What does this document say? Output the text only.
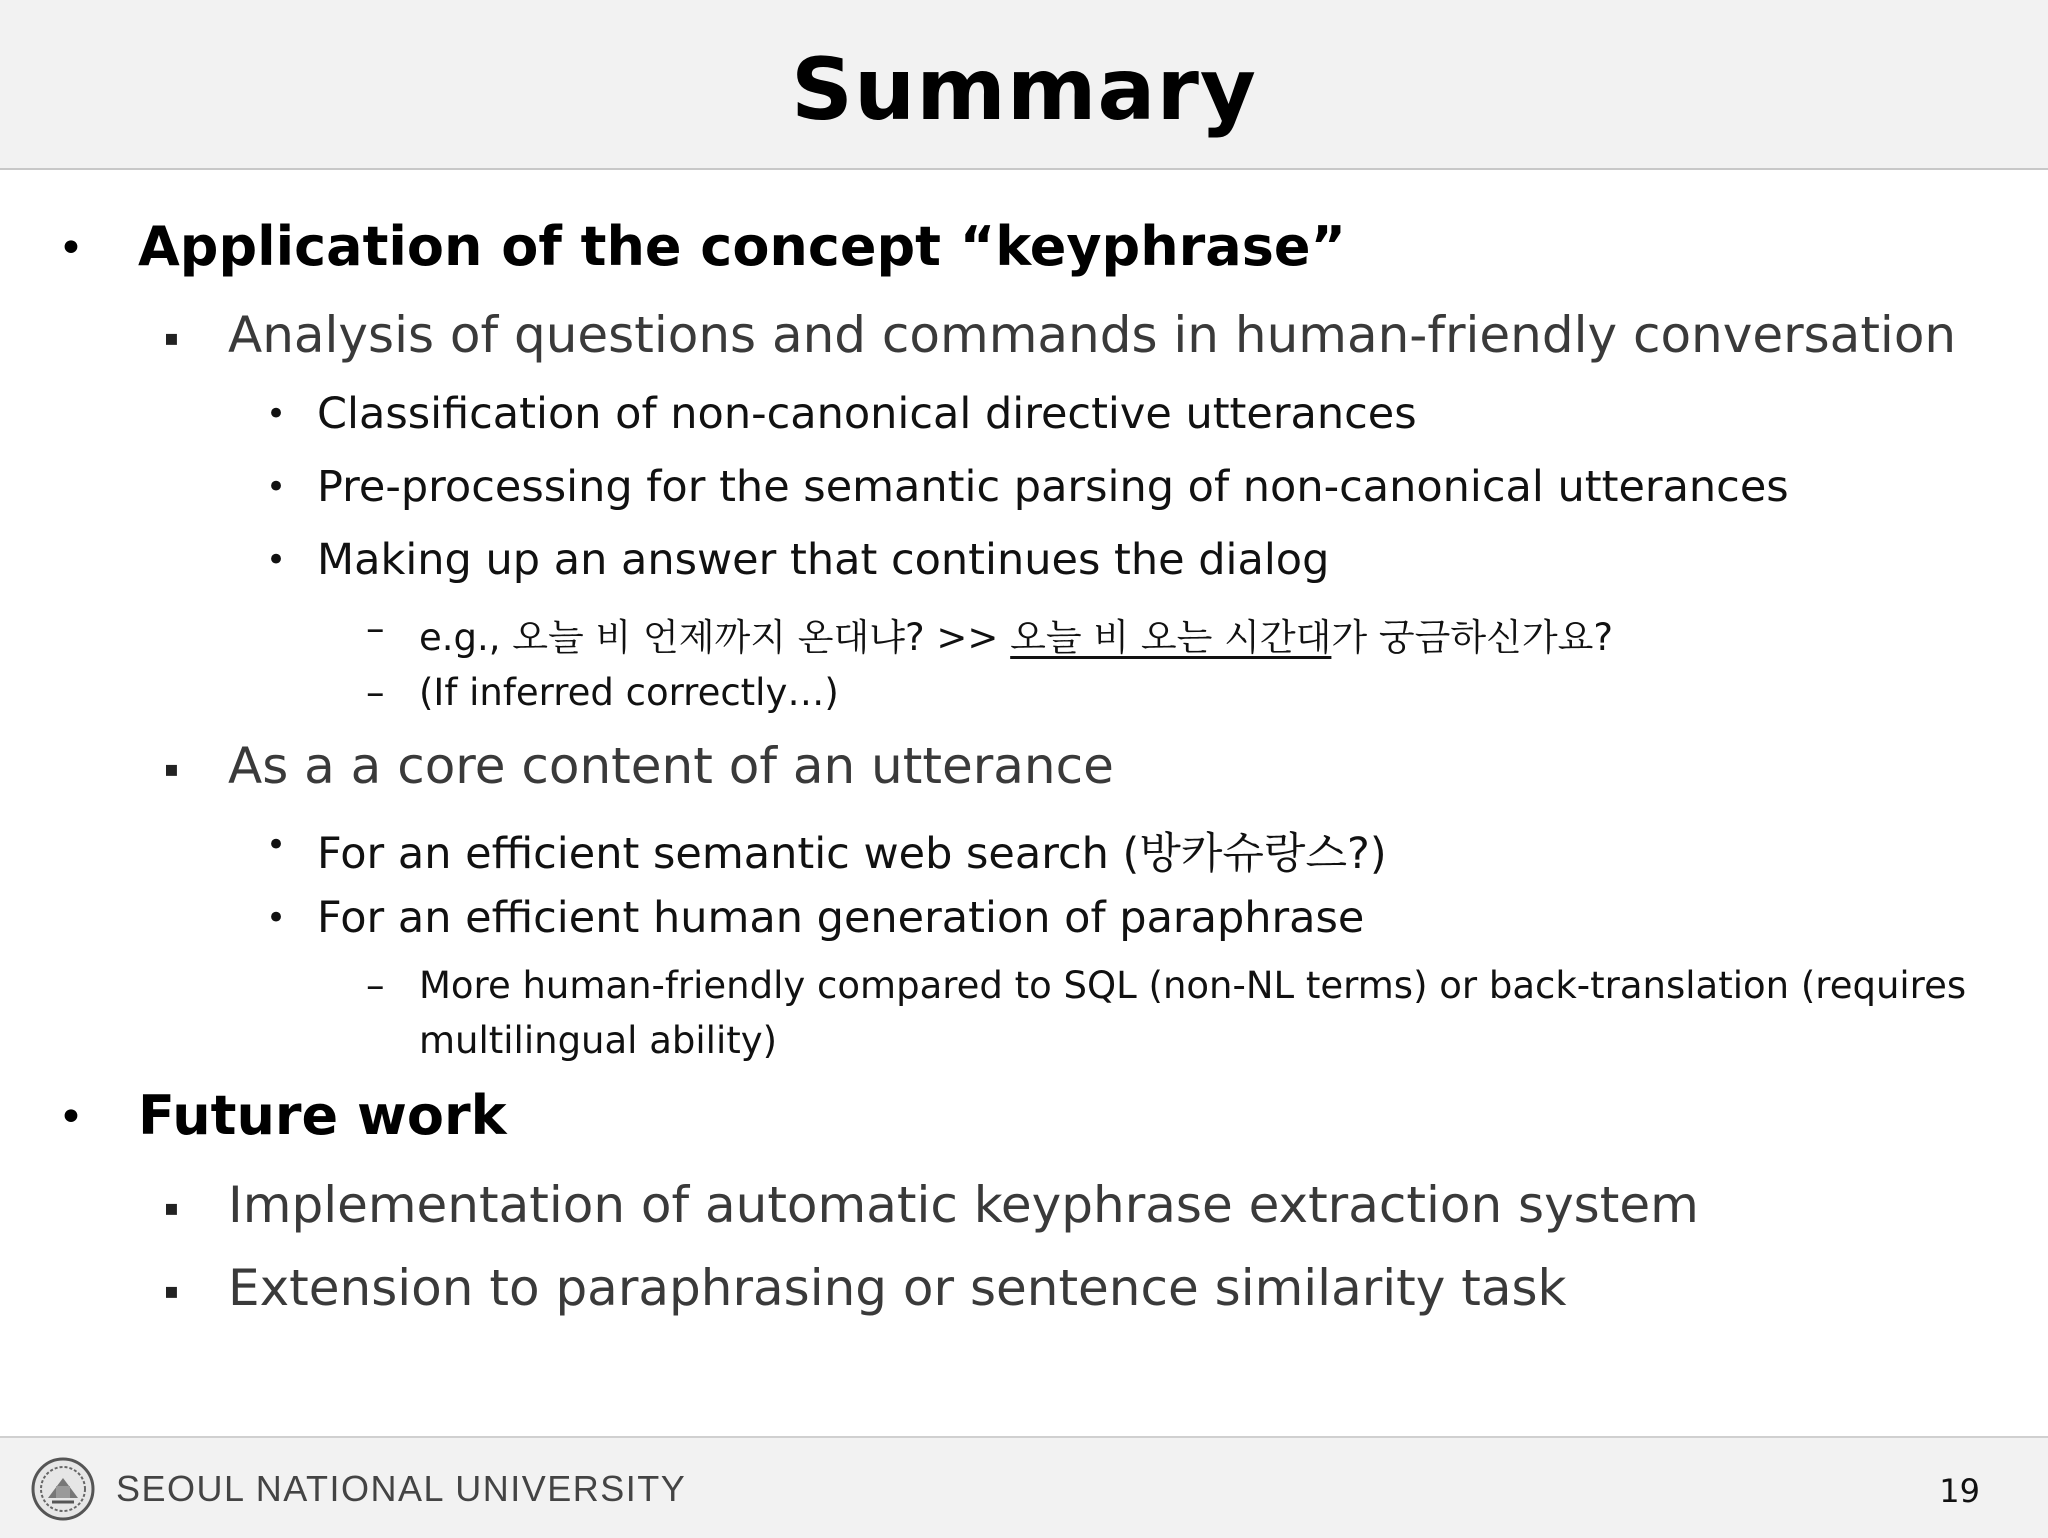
Summary
• Application of the concept “keyphrase”
▪ Analysis of questions and commands in human-friendly conversation
• Classification of non-canonical directive utterances
• Pre-processing for the semantic parsing of non-canonical utterances
• Making up an answer that continues the dialog
– e.g., 오늘 비 언제까지 온대냐? >> 오늘 비 오는 시간대가 궁금하신가요?
– (If inferred correctly…)
▪ As a a core content of an utterance
• For an efficient semantic web search (방카슈랑스?)
• For an efficient human generation of paraphrase
– More human-friendly compared to SQL (non-NL terms) or back-translation (requires
multilingual ability)
• Future work
▪ Implementation of automatic keyphrase extraction system
▪ Extension to paraphrasing or sentence similarity task
SEOUL NATIONAL UNIVERSITY	19
